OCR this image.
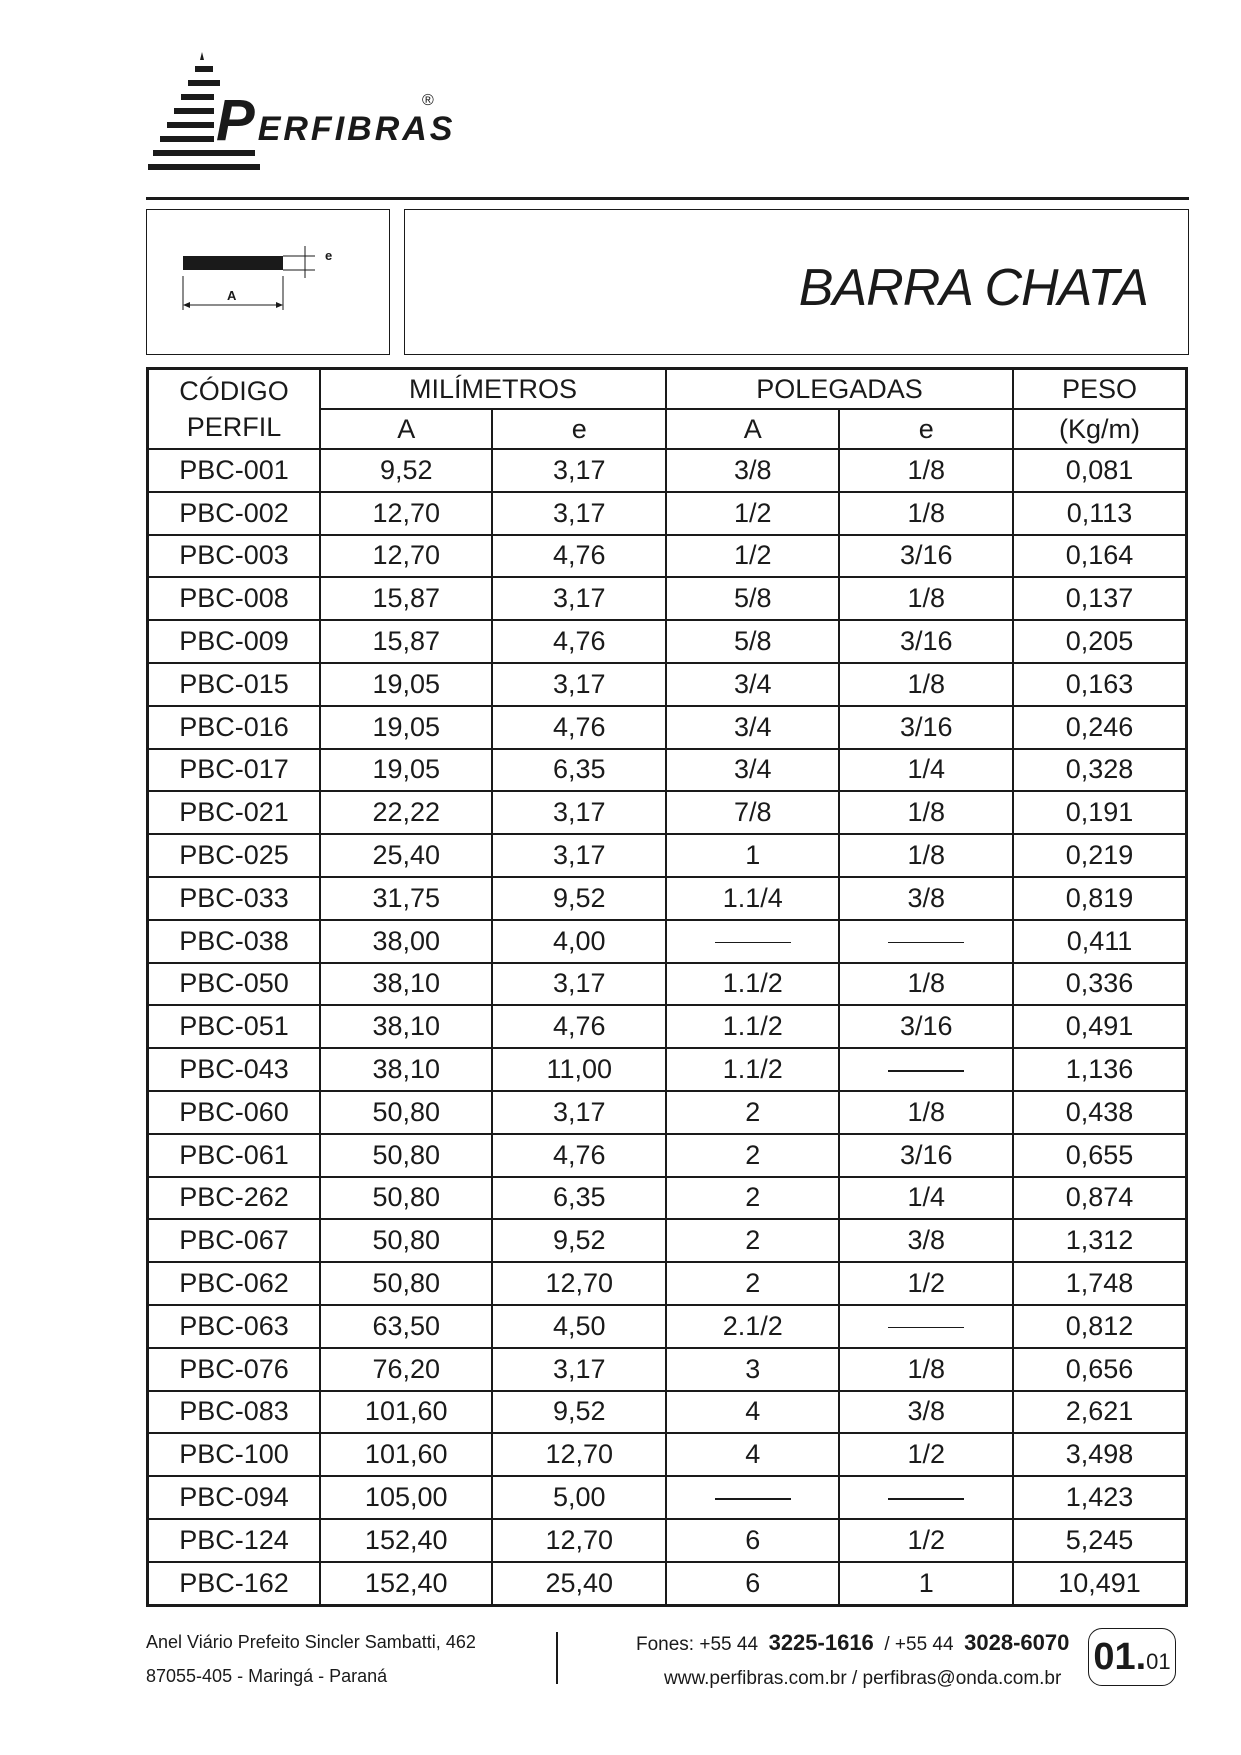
PERFIBRAS
®
e
A	BARRA CHATA
CÓDIGO
PERFIL	MILÍMETROS		POLEGADAS		PESO
	A	e	A	e	(Kg/m)
PBC-001	9,52	3,17	3/8	1/8	0,081
PBC-002	12,70	3,17	1/2	1/8	0,113
PBC-003	12,70	4,76	1/2	3/16	0,164
PBC-008	15,87	3,17	5/8	1/8	0,137
PBC-009	15,87	4,76	5/8	3/16	0,205
PBC-015	19,05	3,17	3/4	1/8	0,163
PBC-016	19,05	4,76	3/4	3/16	0,246
PBC-017	19,05	6,35	3/4	1/4	0,328
PBC-021	22,22	3,17	7/8	1/8	0,191
PBC-025	25,40	3,17	1	1/8	0,219
PBC-033	31,75	9,52	1.1/4	3/8	0,819
PBC-038	38,00	4,00			0,411
PBC-050	38,10	3,17	1.1/2	1/8	0,336
PBC-051	38,10	4,76	1.1/2	3/16	0,491
PBC-043	38,10	11,00	1.1/2		1,136
PBC-060	50,80	3,17	2	1/8	0,438
PBC-061	50,80	4,76	2	3/16	0,655
PBC-262	50,80	6,35	2	1/4	0,874
PBC-067	50,80	9,52	2	3/8	1,312
PBC-062	50,80	12,70	2	1/2	1,748
PBC-063	63,50	4,50	2.1/2		0,812
PBC-076	76,20	3,17	3	1/8	0,656
PBC-083	101,60	9,52	4	3/8	2,621
PBC-100	101,60	12,70	4	1/2	3,498
PBC-094	105,00	5,00			1,423
PBC-124	152,40	12,70	6	1/2	5,245
PBC-162	152,40	25,40	6	1	10,491
Anel Viário Prefeito Sincler Sambatti, 462
87055-405 - Maringá - Paraná
Fones: +55 44 3225-1616 / +55 44 3028-6070
www.perfibras.com.br / perfibras@onda.com.br
01.01
